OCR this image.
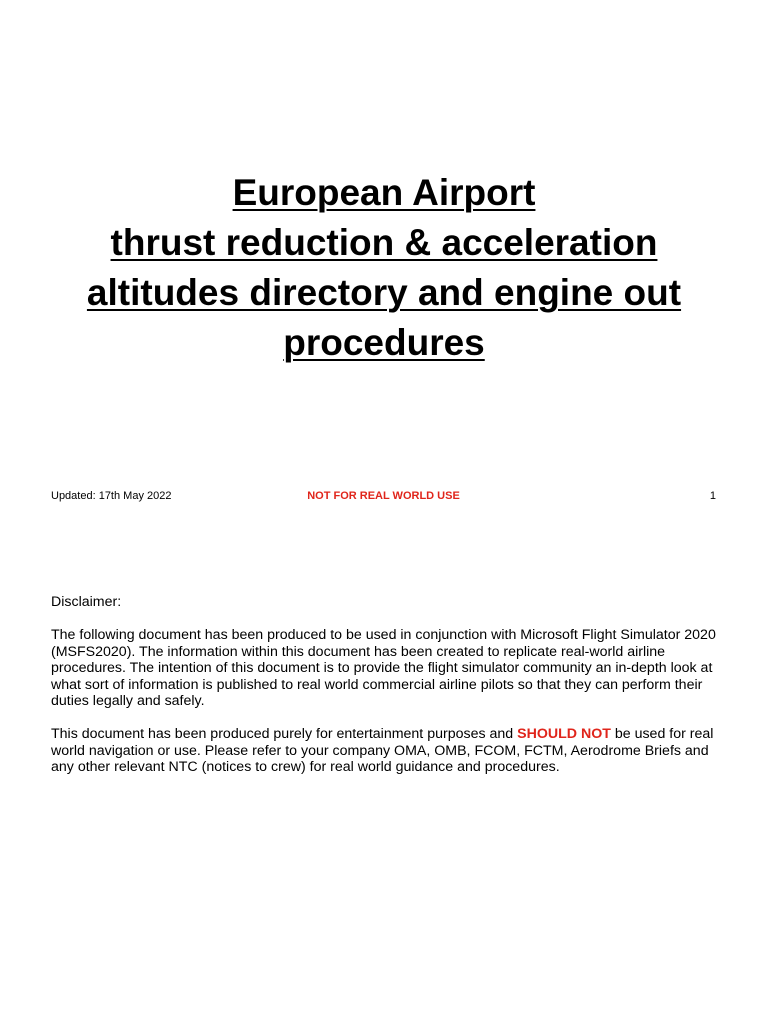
European Airport
thrust reduction & acceleration
altitudes directory and engine out
procedures
NOT FOR REAL WORLD USE
Updated: 17th May 2022	1

Disclaimer:

The following document has been produced to be used in conjunction with Microsoft Flight Simulator 2020 (MSFS2020). The information within this document has been created to replicate real-world airline procedures. The intention of this document is to provide the flight simulator community an in-depth look at what sort of information is published to real world commercial airline pilots so that they can perform their duties legally and safely.

This document has been produced purely for entertainment purposes and SHOULD NOT be used for real world navigation or use. Please refer to your company OMA, OMB, FCOM, FCTM, Aerodrome Briefs and any other relevant NTC (notices to crew) for real world guidance and procedures.
